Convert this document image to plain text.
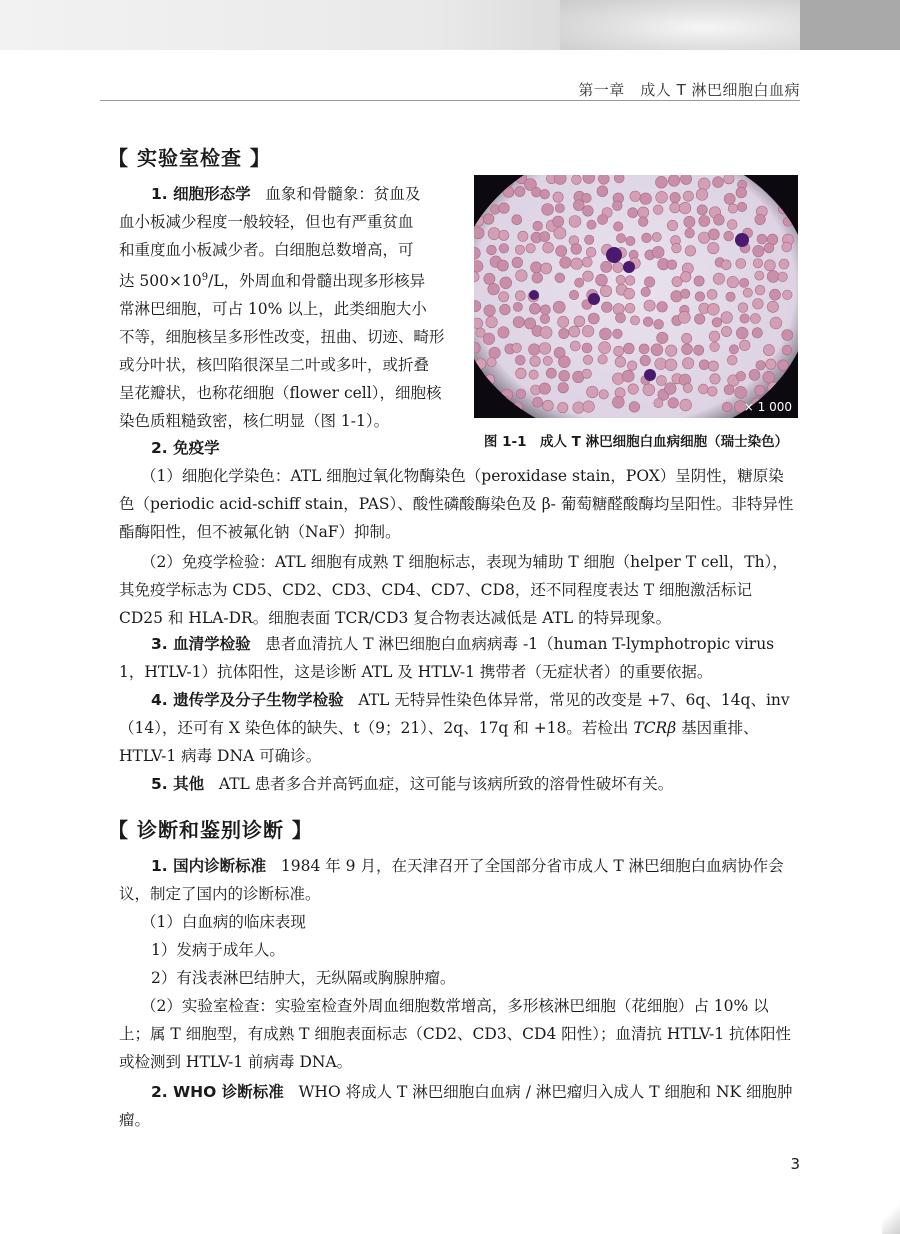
第一章　成人 T 淋巴细胞白血病
【 实验室检查 】
1. 细胞形态学 血象和骨髓象：贫血及
血小板减少程度一般较轻，但也有严重贫血
和重度血小板减少者。白细胞总数增高，可
达 $500\times 10^9/L$，外周血和骨髓出现多形核异
常淋巴细胞，可占 10% 以上，此类细胞大小
不等，细胞核呈多形性改变，扭曲、切迹、畸形
或分叶状，核凹陷很深呈二叶或多叶，或折叠
呈花瓣状，也称花细胞（flower cell），细胞核
染色质粗糙致密，核仁明显（图 1-1）。
× 1 000
图 1-1　成人 T 淋巴细胞白血病细胞（瑞士染色）
2. 免疫学
（1）细胞化学染色：ATL 细胞过氧化物酶染色（peroxidase stain，POX）呈阴性，糖原染色（periodic acid-schiff stain，PAS）、酸性磷酸酶染色及 β- 葡萄糖醛酸酶均呈阳性。非特异性酯酶阳性，但不被氟化钠（NaF）抑制。
（2）免疫学检验：ATL 细胞有成熟 T 细胞标志，表现为辅助 T 细胞（helper T cell，Th），其免疫学标志为 CD5、CD2、CD3、CD4、CD7、CD8，还不同程度表达 T 细胞激活标记 CD25 和 HLA-DR。细胞表面 TCR/CD3 复合物表达减低是 ATL 的特异现象。
3. 血清学检验 患者血清抗人 T 淋巴细胞白血病病毒 -1（human T-lymphotropic virus 1，HTLV-1）抗体阳性，这是诊断 ATL 及 HTLV-1 携带者（无症状者）的重要依据。
4. 遗传学及分子生物学检验 ATL 无特异性染色体异常，常见的改变是 +7、6q、14q、inv（14），还可有 X 染色体的缺失、t（9；21）、2q、17q 和 +18。若检出 TCRβ 基因重排、HTLV-1 病毒 DNA 可确诊。
5. 其他 ATL 患者多合并高钙血症，这可能与该病所致的溶骨性破坏有关。
【 诊断和鉴别诊断 】
1. 国内诊断标准 1984 年 9 月，在天津召开了全国部分省市成人 T 淋巴细胞白血病协作会议，制定了国内的诊断标准。
（1）白血病的临床表现
1）发病于成年人。
2）有浅表淋巴结肿大，无纵隔或胸腺肿瘤。
（2）实验室检查：实验室检查外周血细胞数常增高，多形核淋巴细胞（花细胞）占 10% 以上；属 T 细胞型，有成熟 T 细胞表面标志（CD2、CD3、CD4 阳性）；血清抗 HTLV-1 抗体阳性或检测到 HTLV-1 前病毒 DNA。
2. WHO 诊断标准 WHO 将成人 T 淋巴细胞白血病 / 淋巴瘤归入成人 T 细胞和 NK 细胞肿瘤。
3
